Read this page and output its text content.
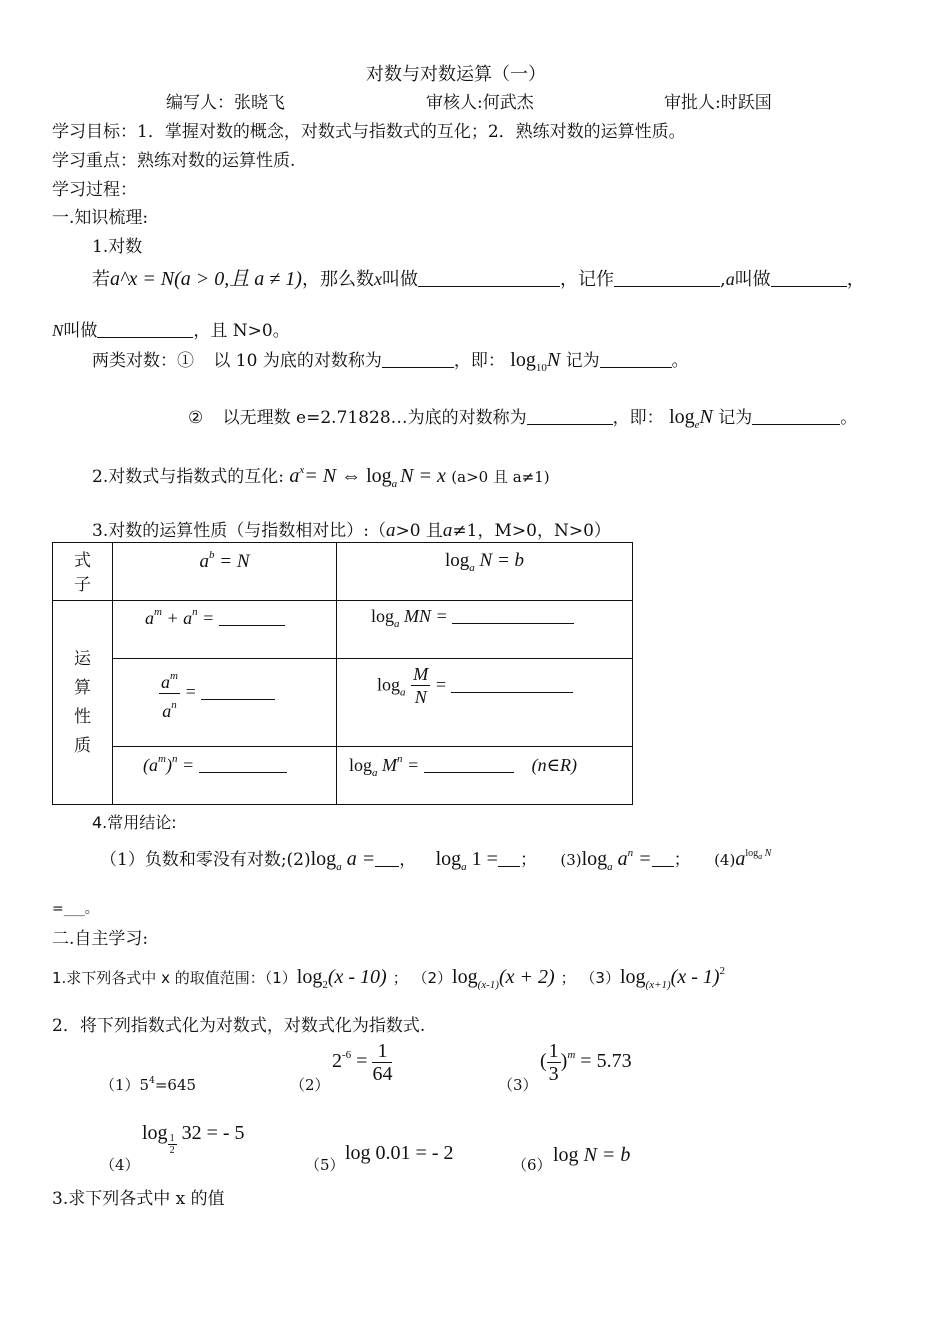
对数与对数运算（一）
编写人：张晓飞	审核人:何武杰	审批人:时跃国
学习目标：1．掌握对数的概念，对数式与指数式的互化；2．熟练对数的运算性质。
学习重点：熟练对数的运算性质.
学习过程：
一.知识梳理:
1.对数
若a^x = N(a > 0,且 a ≠ 1)，那么数x叫做	，记作	,a叫做	，
N叫做	，且 N>0。
两类对数：① 以 10 为底的对数称为	，即： $\log_{10}N$ 记为	。
② 以无理数 e=2.71828…为底的对数称为	，即： $\log_eN$ 记为	。
2.对数式与指数式的互化: $a^x= N$ ⇔ $\log_a N = x$ (a>0 且 a≠1)
3.对数的运算性质（与指数相对比）:（a>0 且a≠1，M>0，N>0）
式子	$a^b = N$	$\log_a N = b$

运算性质	$a^m + a^n$ =	$\log_a$ MN =

	$\frac{a^m}{a^n}$ =	$\log_a \frac{M}{N}$ =

	$(a^m)^n$ =	$\log_a M^n$ = (n∈R)
4.常用结论:
（1）负数和零没有对数$;(2)\log_a$ a = ， $\log_a 1$ = ； $(3)\log_a$ $a^n$ = ； $(4)a^{loga}$ $^N$
=___。
二.自主学习:
1.求下列各式中 x 的取值范围：$(1)\log_2(x - 10)$ ； $(2)\log_{(x-1)}(x + 2)$ ； $(3)\log_{(x+1)}(x - 1)^2$
2．将下列指数式化为对数式，对数式化为指数式.
$(1)5^4=645$	（2）
$2^{-6} = \frac{1}{64}$	（3）
( $\frac{1}{3} )^m = 5.73$
（4）
$\log \frac{1}{2} 32$ = - 5
（5）
log 0.01 = - 2
（6） log N = b
3.求下列各式中 x 的值
